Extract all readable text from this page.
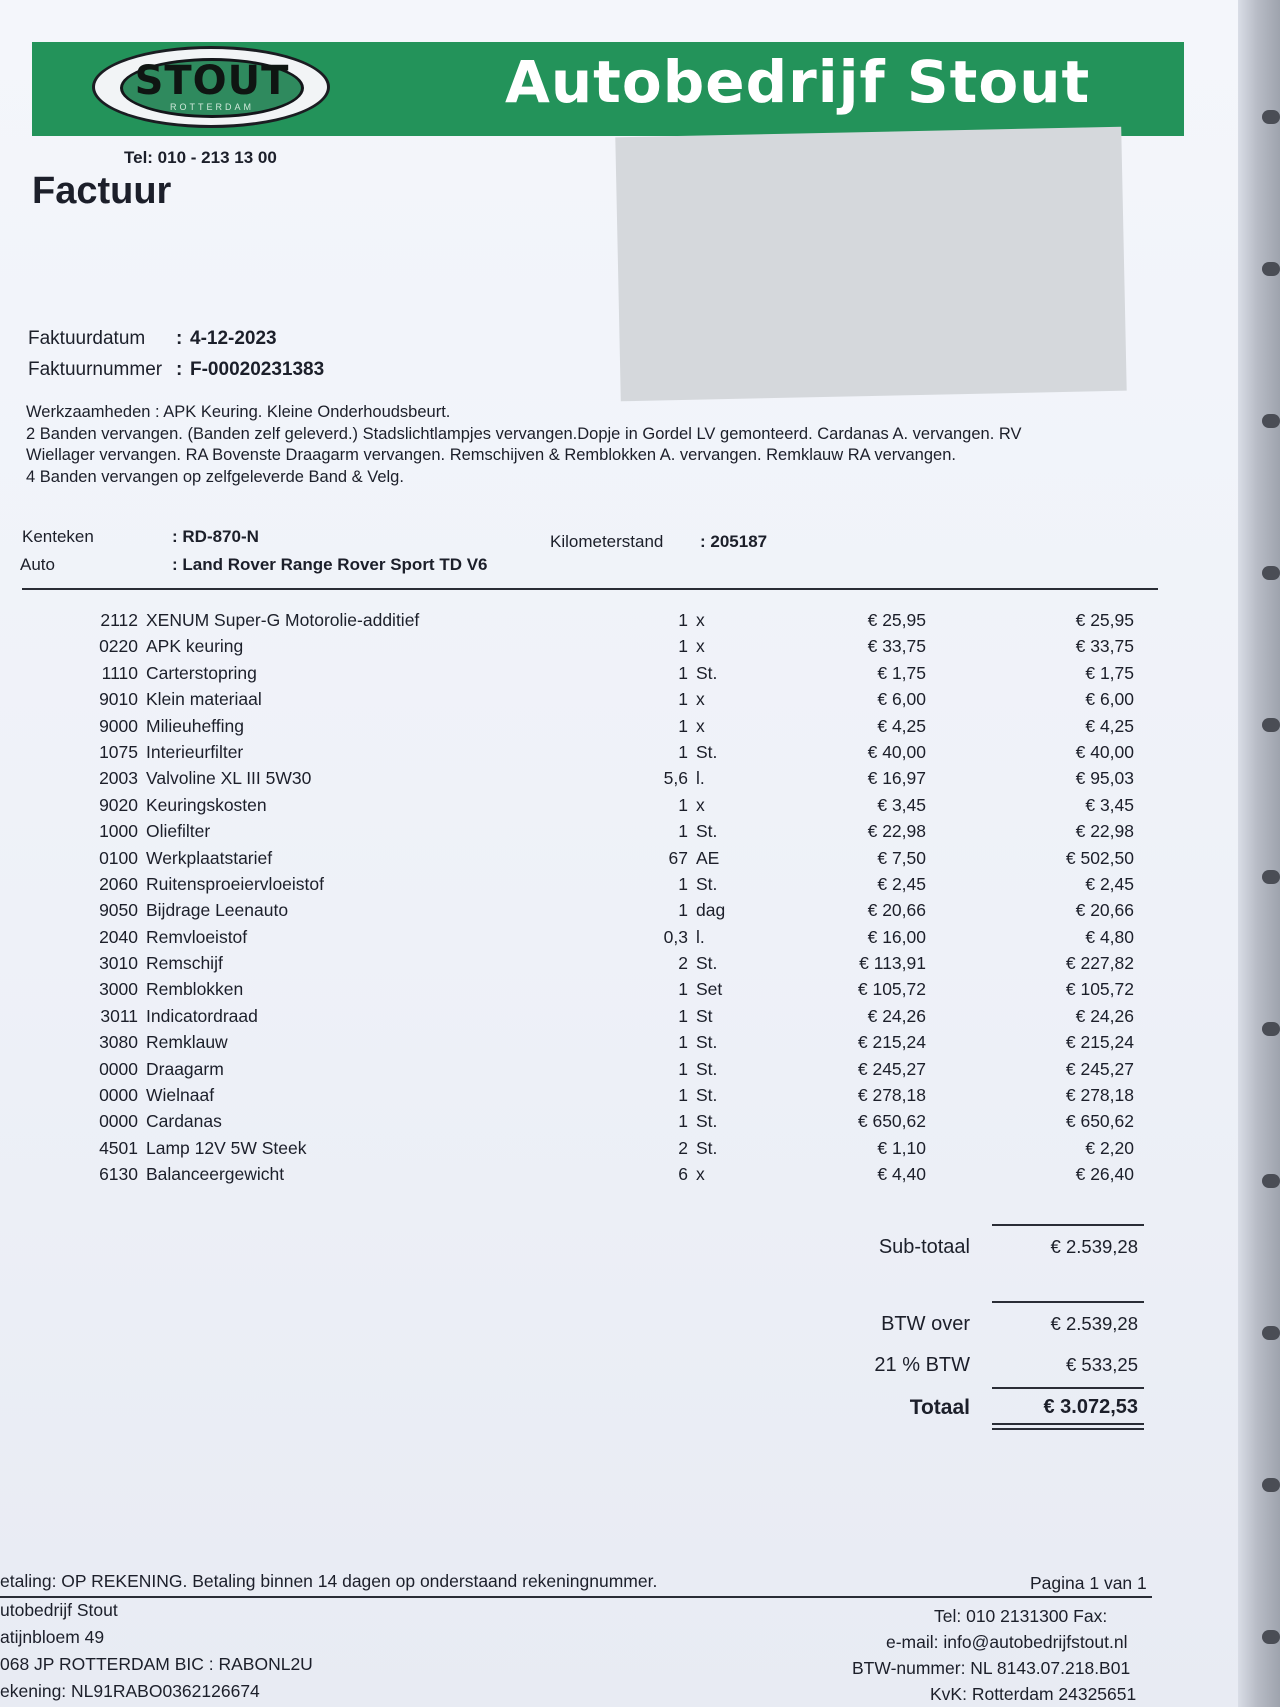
STOUT
ROTTERDAM	Autobedrijf Stout
Tel: 010 - 213 13 00
Factuur
Faktuurdatum : 4-12-2023
Faktuurnummer : F-00020231383
Werkzaamheden : APK Keuring. Kleine Onderhoudsbeurt.
2 Banden vervangen. (Banden zelf geleverd.) Stadslichtlampjes vervangen.Dopje in Gordel LV gemonteerd. Cardanas A. vervangen. RV
Wiellager vervangen. RA Bovenste Draagarm vervangen. Remschijven & Remblokken A. vervangen. Remklauw RA vervangen.
4 Banden vervangen op zelfgeleverde Band & Velg.
Kenteken	: RD-870-N
Auto	: Land Rover Range Rover Sport TD V6
Kilometerstand : 205187
2112 XENUM Super-G Motorolie-additief	1 x	€ 25,95	€ 25,95
0220 APK keuring	1 x	€ 33,75	€ 33,75
1110 Carterstopring	1 St.	€ 1,75	€ 1,75
9010 Klein materiaal	1 x	€ 6,00	€ 6,00
9000 Milieuheffing	1 x	€ 4,25	€ 4,25
1075 Interieurfilter	1 St.	€ 40,00	€ 40,00
2003 Valvoline XL III 5W30	5,6 l.	€ 16,97	€ 95,03
9020 Keuringskosten	1 x	€ 3,45	€ 3,45
1000 Oliefilter	1 St.	€ 22,98	€ 22,98
0100 Werkplaatstarief	67 AE	€ 7,50	€ 502,50
2060 Ruitensproeiervloeistof	1 St.	€ 2,45	€ 2,45
9050 Bijdrage Leenauto	1 dag	€ 20,66	€ 20,66
2040 Remvloeistof	0,3 l.	€ 16,00	€ 4,80
3010 Remschijf	2 St.	€ 113,91	€ 227,82
3000 Remblokken	1 Set	€ 105,72	€ 105,72
3011 Indicatordraad	1 St	€ 24,26	€ 24,26
3080 Remklauw	1 St.	€ 215,24	€ 215,24
0000 Draagarm	1 St.	€ 245,27	€ 245,27
0000 Wielnaaf	1 St.	€ 278,18	€ 278,18
0000 Cardanas	1 St.	€ 650,62	€ 650,62
4501 Lamp 12V 5W Steek	2 St.	€ 1,10	€ 2,20
6130 Balanceergewicht	6 x	€ 4,40	€ 26,40
Sub-totaal	€ 2.539,28
BTW over	€ 2.539,28
21 % BTW	€ 533,25
Totaal	€ 3.072,53
etaling: OP REKENING. Betaling binnen 14 dagen op onderstaand rekeningnummer.	Pagina 1 van 1
utobedrijf Stout
atijnbloem 49
068 JP ROTTERDAM BIC : RABONL2U
ekening: NL91RABO0362126674
Tel: 010 2131300 Fax:
e-mail: info@autobedrijfstout.nl
BTW-nummer: NL 8143.07.218.B01
KvK: Rotterdam 24325651
